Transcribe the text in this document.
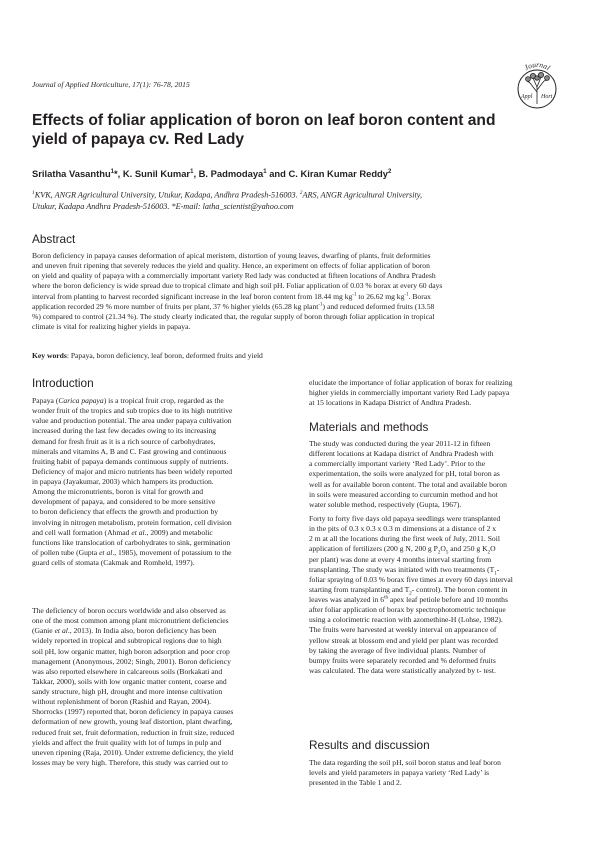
Journal of Applied Horticulture, 17(1): 76-78, 2015
Journal
Appl Hort
Effects of foliar application of boron on leaf boron content and
yield of papaya cv. Red Lady
Srilatha Vasanthu$^1$*, K. Sunil Kumar$^1$, B. Padmodaya$^1$ and C. Kiran Kumar Reddy$^2$
$^1$KVK, ANGR Agricultural University, Utukur, Kadapa, Andhra Pradesh-516003. $^2$ARS, ANGR Agricultural University,
Utukur, Kadapa Andhra Pradesh-516003. *E-mail: latha_scientist@yahoo.com
Abstract

Boron deficiency in papaya causes deformation of apical meristem, distortion of young leaves, dwarfing of plants, fruit deformities
and uneven fruit ripening that severely reduces the yield and quality. Hence, an experiment on effects of foliar application of boron
on yield and quality of papaya with a commercially important variety Red lady was conducted at fifteen locations of Andhra Pradesh
where the boron deficiency is wide spread due to tropical climate and high soil pH. Foliar application of 0.03 % borax at every 60 days
interval from planting to harvest recorded significant increase in the leaf boron content from 18.44 mg $kg^{-1}$ to 26.62 mg $kg^{-1}$. Borax
application recorded 29 % more number of fruits per plant, 37 % higher yields (65.28 kg plant$^{-1}$) and reduced deformed fruits (13.58
%) compared to control (21.34 %). The study clearly indicated that, the regular supply of boron through foliar application in tropical
climate is vital for realizing higher yields in papaya.

Key words: Papaya, boron deficiency, leaf boron, deformed fruits and yield
Introduction

Papaya (Carica papaya) is a tropical fruit crop, regarded as the
wonder fruit of the tropics and sub tropics due to its high nutritive
value and production potential. The area under papaya cultivation
increased during the last few decades owing to its increasing
demand for fresh fruit as it is a rich source of carbohydrates,
minerals and vitamins A, B and C. Fast growing and continuous
fruiting habit of papaya demands continuous supply of nutrients.
Deficiency of major and micro nutrients has been widely reported
in papaya (Jayakumar, 2003) which hampers its production.
Among the micronutrients, boron is vital for growth and
development of papaya, and considered to be more sensitive
to boron deficiency that effects the growth and production by
involving in nitrogen metabolism, protein formation, cell division
and cell wall formation (Ahmad et al., 2009) and metabolic
functions like translocation of carbohydrates to sink, germination
of pollen tube (Gupta et al., 1985), movement of potassium to the
guard cells of stomata (Cakmak and Romheld, 1997).

The deficiency of boron occurs worldwide and also observed as
one of the most common among plant micronutrient deficiencies
(Ganie et al., 2013). In India also, boron deficiency has been
widely reported in tropical and subtropical regions due to high
soil pH, low organic matter, high boron adsorption and poor crop
management (Anonymous, 2002; Singh, 2001). Boron deficiency
was also reported elsewhere in calcareous soils (Borkakati and
Takkar, 2000), soils with low organic matter content, coarse and
sandy structure, high pH, drought and more intense cultivation
without replenishment of boron (Rashid and Rayan, 2004).
Shorrocks (1997) reported that, boron deficiency in papaya causes
deformation of new growth, young leaf distortion, plant dwarfing,
reduced fruit set, fruit deformation, reduction in fruit size, reduced
yields and affect the fruit quality with lot of lumps in pulp and
uneven ripening (Raja, 2010). Under extreme deficiency, the yield
losses may be very high. Therefore, this study was carried out to

elucidate the importance of foliar application of borax for realizing
higher yields in commercially important variety Red Lady papaya
at 15 locations in Kadapa District of Andhra Pradesh.

Materials and methods

The study was conducted during the year 2011-12 in fifteen
different locations at Kadapa district of Andhra Pradesh with
a commercially important variety ‘Red Lady’. Prior to the
experimentation, the soils were analyzed for pH, total boron as
well as for available boron content. The total and available boron
in soils were measured according to curcumin method and hot
water soluble method, respectively (Gupta, 1967).

Forty to forty five days old papaya seedlings were transplanted
in the pits of 0.3 x 0.3 x 0.3 m dimensions at a distance of 2 x
2 m at all the locations during the first week of July, 2011. Soil
application of fertilizers (200 g N, 200 g $P_2O_5$ and 250 g $K_2O$
per plant) was done at every 4 months interval starting from
transplanting. The study was initiated with two treatments ($T_1-$
foliar spraying of 0.03 % borax five times at every 60 days interval
starting from transplanting and $T_2-$ control). The boron content in
leaves was analyzed in 6th apex leaf petiole before and 10 months
after foliar application of borax by spectrophotometric technique
using a colorimetric reaction with azomethine-H (Lohse, 1982).
The fruits were harvested at weekly interval on appearance of
yellow streak at blossom end and yield per plant was recorded
by taking the average of five individual plants. Number of
bumpy fruits were separately recorded and % deformed fruits
was calculated. The data were statistically analyzed by t- test.

Results and discussion

The data regarding the soil pH, soil boron status and leaf boron
levels and yield parameters in papaya variety ‘Red Lady’ is
presented in the Table 1 and 2.
